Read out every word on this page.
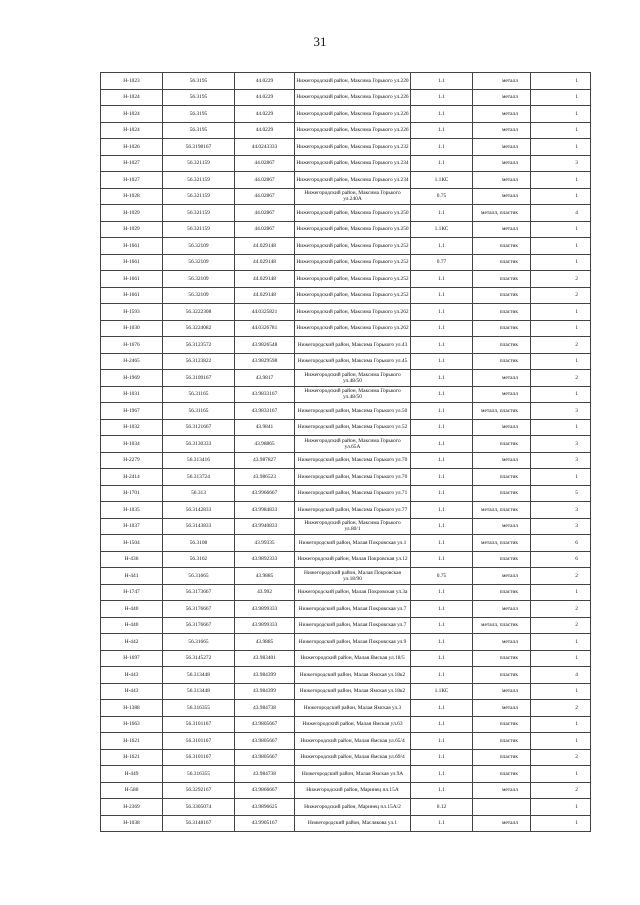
31
Н-1023	56.3195	44.0229	Нижегородский район, Максима Горького ул.220	1.1	металл	1
Н-1024	56.3195	44.0229	Нижегородский район, Максима Горького ул.226	1.1	металл	1
Н-1024	56.3195	44.0229	Нижегородский район, Максима Горького ул.226	1.1	металл	1
Н-1024	56.3195	44.0229	Нижегородский район, Максима Горького ул.226	1.1	металл	1
Н-1026	56.3198167	44.0243333	Нижегородский район, Максима Горького ул.232	1.1	металл	1
Н-1027	56.321159	44.02867	Нижегородский район, Максима Горького ул.234	1.1	металл	3
Н-1027	56.321159	44.02867	Нижегородский район, Максима Горького ул.234	1.1КС	металл	1
Н-1028	56.321159	44.02867	Нижегородский район, Максима Горького ул.240А	0.75	металл	1
Н-1029	56.321159	44.02867	Нижегородский район, Максима Горького ул.250	1.1	металл, пластик	4
Н-1029	56.321159	44.02867	Нижегородский район, Максима Горького ул.250	1.1КС	металл	1
Н-1661	56.32109	44.029148	Нижегородский район, Максима Горького ул.252	1.1	пластик	1
Н-1661	56.32109	44.029148	Нижегородский район, Максима Горького ул.252	0.77	пластик	1
Н-1661	56.32109	44.029148	Нижегородский район, Максима Горького ул.252	1.1	пластик	2
Н-1661	56.32109	44.029148	Нижегородский район, Максима Горького ул.252	1.1	пластик	2
Н-1593	56.3222308	44.0325821	Нижегородский район, Максима Горького ул.262	1.1	пластик	1
Н-1030	56.3224082	44.0326781	Нижегородский район, Максима Горького ул.262	1.1	пластик	1
Н-1676	56.3123572	43.9826548	Нижегородский район, Максима Горького ул.43	1.1	пластик	2
Н-2465	56.3123822	43.9829598	Нижегородский район, Максима Горького ул.45	1.1	пластик	1
Н-1969	56.3109167	43.9817	Нижегородский район, Максима Горького ул.48/50	1.1	металл	2
Н-1031	56.31165	43.9833167	Нижегородский район, Максима Горького ул.48/50	1.1	металл	1
Н-1967	56.31165	43.9833167	Нижегородский район, Максима Горького ул.50	1.1	металл, пластик	3
Н-1032	56.3121667	43.9841	Нижегородский район, Максима Горького ул.52	1.1	металл	1
Н-1034	56.3130333	43.98865	Нижегородский район, Максима Горького ул.65А	1.1	пластик	3
Н-2279	56.313416	43.987827	Нижегородский район, Максима Горького ул.70	1.1	металл	3
Н-2414	56.313724	43.986523	Нижегородский район, Максима Горького ул.70	1.1	пластик	1
Н-1701	56.313	43.9966667	Нижегородский район, Максима Горького ул.71	1.1	пластик	5
Н-1035	56.3142833	43.9984833	Нижегородский район, Максима Горького ул.77	1.1	металл, пластик	3
Н-1037	56.3143833	43.9940833	Нижегородский район, Максима Горького ул.80/1	1.1	металл	3
Н-1504	56.3108	43.99335	Нижегородский район, Малая Покровская ул.1	1.1	металл, пластик	6
Н-436	56.3162	43.9892333	Нижегородский район, Малая Покровская ул.12	1.1	пластик	6
Н-441	56.31665	43.9885	Нижегородский район, Малая Покровская ул.18/90	0.75	металл	2
Н-1747	56.3173667	43.992	Нижегородский район, Малая Покровская ул.3а	1.1	пластик	1
Н-440	56.3176667	43.9899333	Нижегородский район, Малая Покровская ул.7	1.1	металл	2
Н-440	56.3176667	43.9899333	Нижегородский район, Малая Покровская ул.7	1.1	металл, пластик	2
Н-442	56.31665	43.9885	Нижегородский район, Малая Покровская ул.9	1.1	металл	1
Н-1697	56.3145272	43.983401	Нижегородский район, Малая Ямская ул.18/5	1.1	пластик	1
Н-443	56.313448	43.984399	Нижегородский район, Малая Ямская ул.18к2	1.1	пластик	4
Н-443	56.313448	43.984399	Нижегородский район, Малая Ямская ул.18к2	1.1КС	металл	1
Н-1388	56.316355	43.984738	Нижегородский район, Малая Ямская ул.3	1.1	металл	2
Н-1663	56.3101167	43.9805667	Нижегородский район, Малая Ямская ул.63	1.1	пластик	1
Н-1621	56.3101167	43.9805667	Нижегородский район, Малая Ямская ул.65/4	1.1	пластик	1
Н-1621	56.3101167	43.9805667	Нижегородский район, Малая Ямская ул.69/4	1.1	пластик	2
Н-449	56.316355	43.984738	Нижегородский район, Малая Ямская ул.9А	1.1	пластик	1
Н-580	56.3292167	43.9866667	Нижегородский район, Маринец пл.15А	1.1	металл	2
Н-2369	56.3305074	43.9896625	Нижегородский район, Маринец пл.15А/2	0.12		1
Н-1038	56.3148167	43.9905167	Нижегородский район, Маслякова ул.1	1.1	металл	1
